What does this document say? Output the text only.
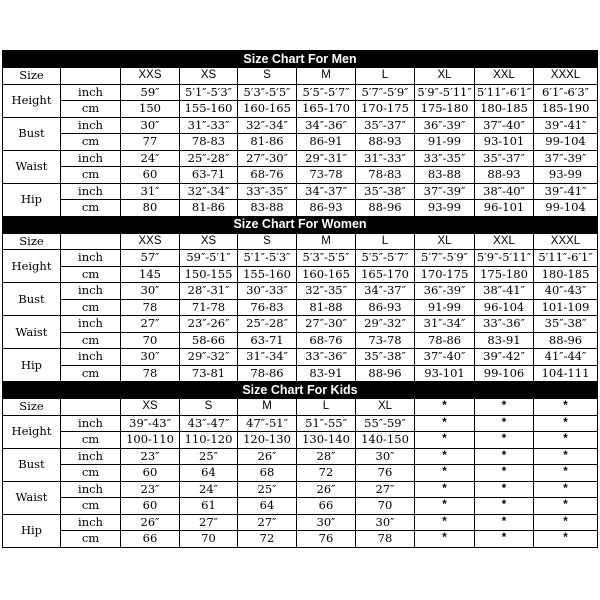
Size Chart For Men									
Size		XXS	XS	S	M	L	XL	XXL	XXXL
Height	inch	59″	5′1″-5′3″	5′3″-5′5″	5′5″-5′7″	5′7″-5′9″	5′9″-5′11″	5′11″-6′1″	6′1″-6′3″
	cm	150	155-160	160-165	165-170	170-175	175-180	180-185	185-190
Bust	inch	30″	31″-33″	32″-34″	34″-36″	35″-37″	36″-39″	37″-40″	39″-41″
	cm	77	78-83	81-86	86-91	88-93	91-99	93-101	99-104
Waist	inch	24″	25″-28″	27″-30″	29″-31″	31″-33″	33″-35″	35″-37″	37″-39″
	cm	60	63-71	68-76	73-78	78-83	83-88	88-93	93-99
Hip	inch	31″	32″-34″	33″-35″	34″-37″	35″-38″	37″-39″	38″-40″	39″-41″
	cm	80	81-86	83-88	86-93	88-96	93-99	96-101	99-104
Size Chart For Women									
Size		XXS	XS	S	M	L	XL	XXL	XXXL
Height	inch	57″	59″-5′1″	5′1″-5′3″	5′3″-5′5″	5′5″-5′7″	5′7″-5′9″	5′9″-5′11″	5′11″-6′1″
	cm	145	150-155	155-160	160-165	165-170	170-175	175-180	180-185
Bust	inch	30″	28″-31″	30″-33″	32″-35″	34″-37″	36″-39″	38″-41″	40″-43″
	cm	78	71-78	76-83	81-88	86-93	91-99	96-104	101-109
Waist	inch	27″	23″-26″	25″-28″	27″-30″	29″-32″	31″-34″	33″-36″	35″-38″
	cm	70	58-66	63-71	68-76	73-78	78-86	83-91	88-96
Hip	inch	30″	29″-32″	31″-34″	33″-36″	35″-38″	37″-40″	39″-42″	41″-44″
	cm	78	73-81	78-86	83-91	88-96	93-101	99-106	104-111
Size Chart For Kids									
Size		XS	S	M	L	XL	*	*	*
Height	inch	39″-43″	43″-47″	47″-51″	51″-55″	55″-59″	*	*	*
	cm	100-110	110-120	120-130	130-140	140-150	*	*	*
Bust	inch	23″	25″	26″	28″	30″	*	*	*
	cm	60	64	68	72	76	*	*	*
Waist	inch	23″	24″	25″	26″	27″	*	*	*
	cm	60	61	64	66	70	*	*	*
Hip	inch	26″	27″	27″	30″	30″	*	*	*
	cm	66	70	72	76	78	*	*	*
